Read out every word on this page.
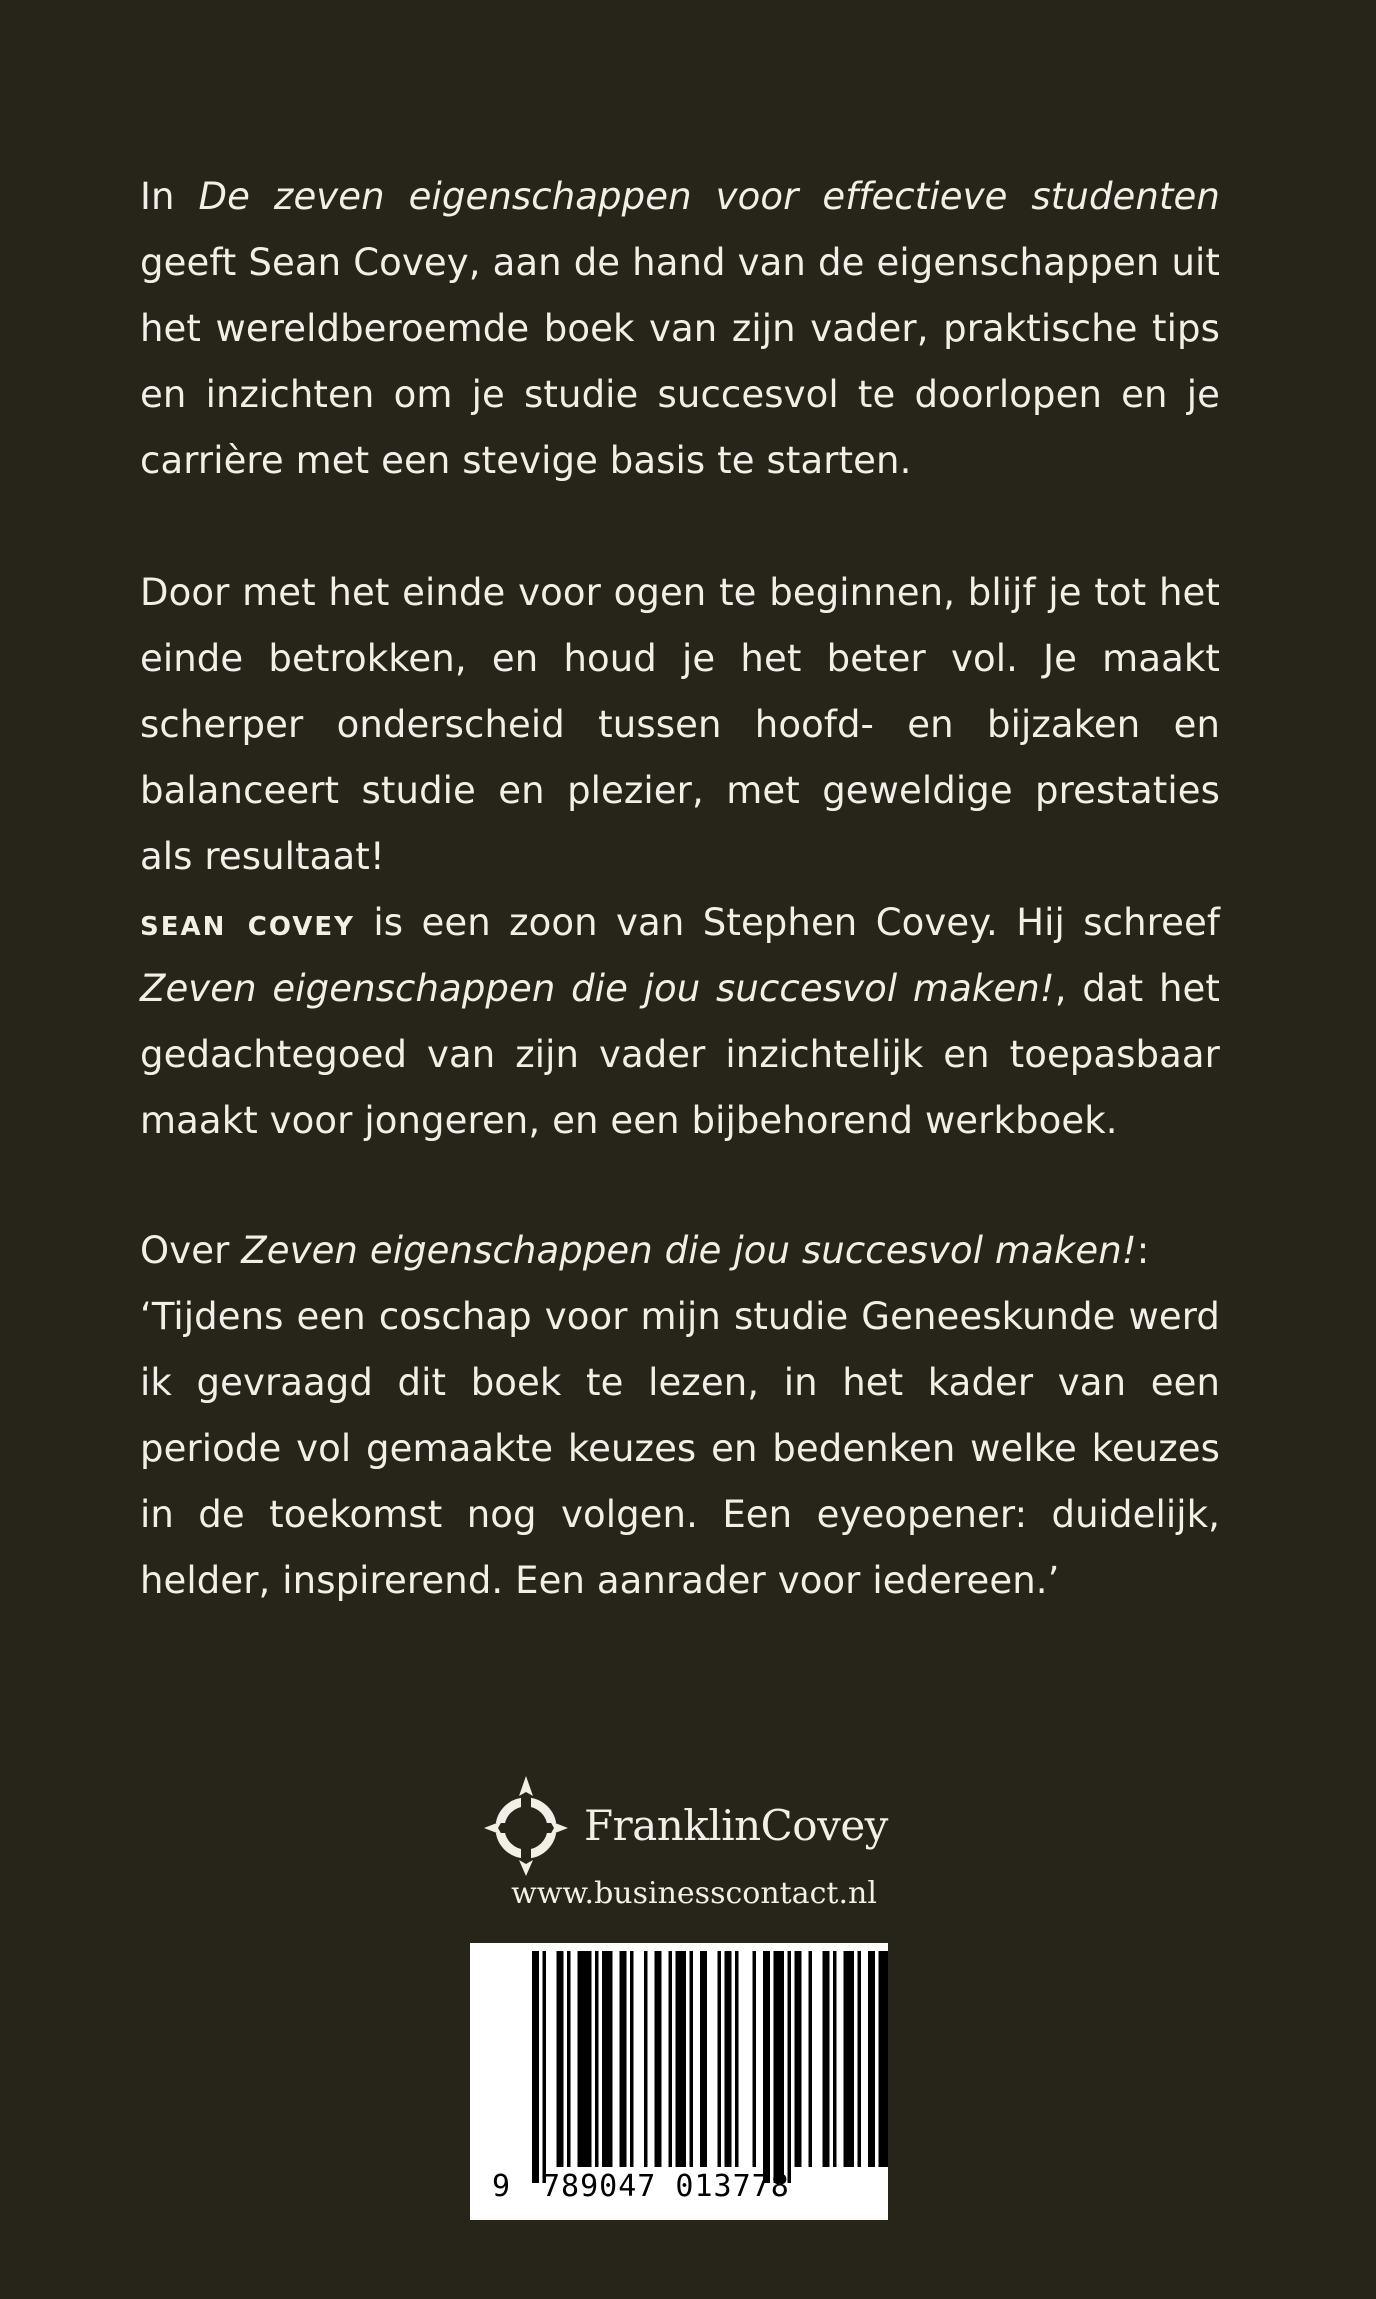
In De zeven eigenschappen voor effectieve studenten geeft Sean Covey, aan de hand van de eigenschappen uit het wereldberoemde boek van zijn vader, praktische tips en inzichten om je studie succesvol te doorlopen en je carrière met een stevige basis te starten.

Door met het einde voor ogen te beginnen, blijf je tot het einde betrokken, en houd je het beter vol. Je maakt scherper onderscheid tussen hoofd- en bijzaken en balanceert studie en plezier, met geweldige prestaties als resultaat!

sean covey is een zoon van Stephen Covey. Hij schreef Zeven eigenschappen die jou succesvol maken!, dat het gedachtegoed van zijn vader inzichtelijk en toepasbaar maakt voor jongeren, en een bijbehorend werkboek.

Over Zeven eigenschappen die jou succesvol maken!:
‘Tijdens een coschap voor mijn studie Geneeskunde werd ik gevraagd dit boek te lezen, in het kader van een periode vol gemaakte keuzes en bedenken welke keuzes in de toekomst nog volgen. Een eyeopener: duidelijk, helder, inspirerend. Een aanrader voor iedereen.’

FranklinCovey
www.businesscontact.nl
9 789047 013778
